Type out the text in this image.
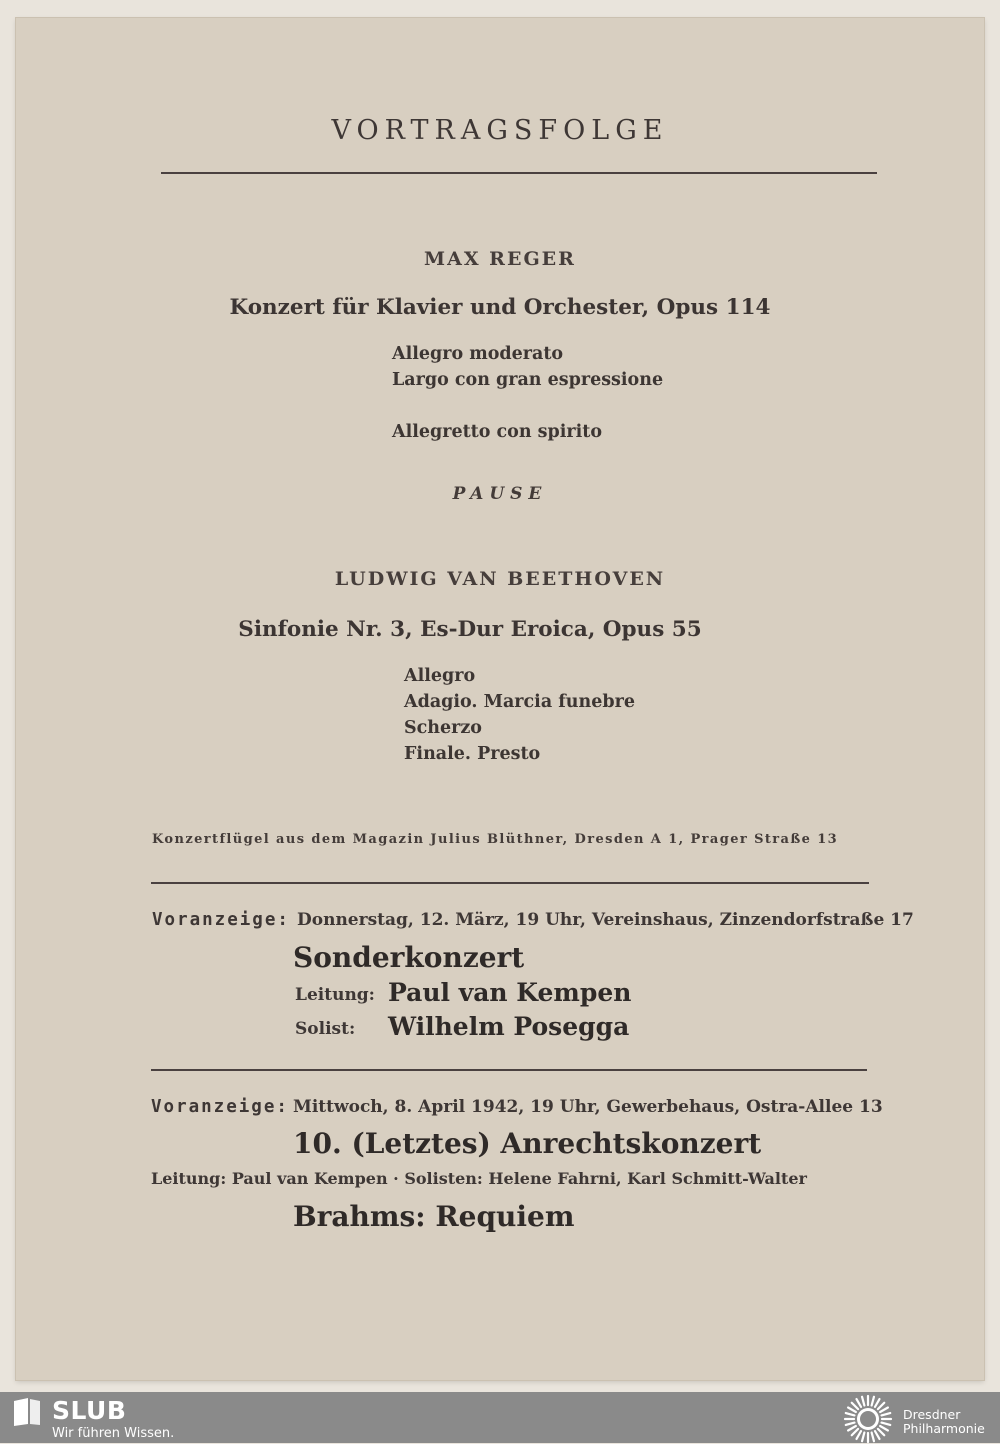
VORTRAGSFOLGE
MAX REGER
Konzert für Klavier und Orchester, Opus 114
Allegro moderato
Largo con gran espressione
Allegretto con spirito
PAUSE
LUDWIG VAN BEETHOVEN
Sinfonie Nr. 3, Es-Dur Eroica, Opus 55
Allegro
Adagio. Marcia funebre
Scherzo
Finale. Presto
Konzertflügel aus dem Magazin Julius Blüthner, Dresden A 1, Prager Straße 13
Voranzeige: Donnerstag, 12. März, 19 Uhr, Vereinshaus, Zinzendorfstraße 17
Sonderkonzert
Leitung: Paul van Kempen
Solist: Wilhelm Posegga
Voranzeige: Mittwoch, 8. April 1942, 19 Uhr, Gewerbehaus, Ostra-Allee 13
10. (Letztes) Anrechtskonzert
Leitung: Paul van Kempen · Solisten: Helene Fahrni, Karl Schmitt-Walter
Brahms: Requiem
SLUB
Wir führen Wissen.
Dresdner
Philharmonie
